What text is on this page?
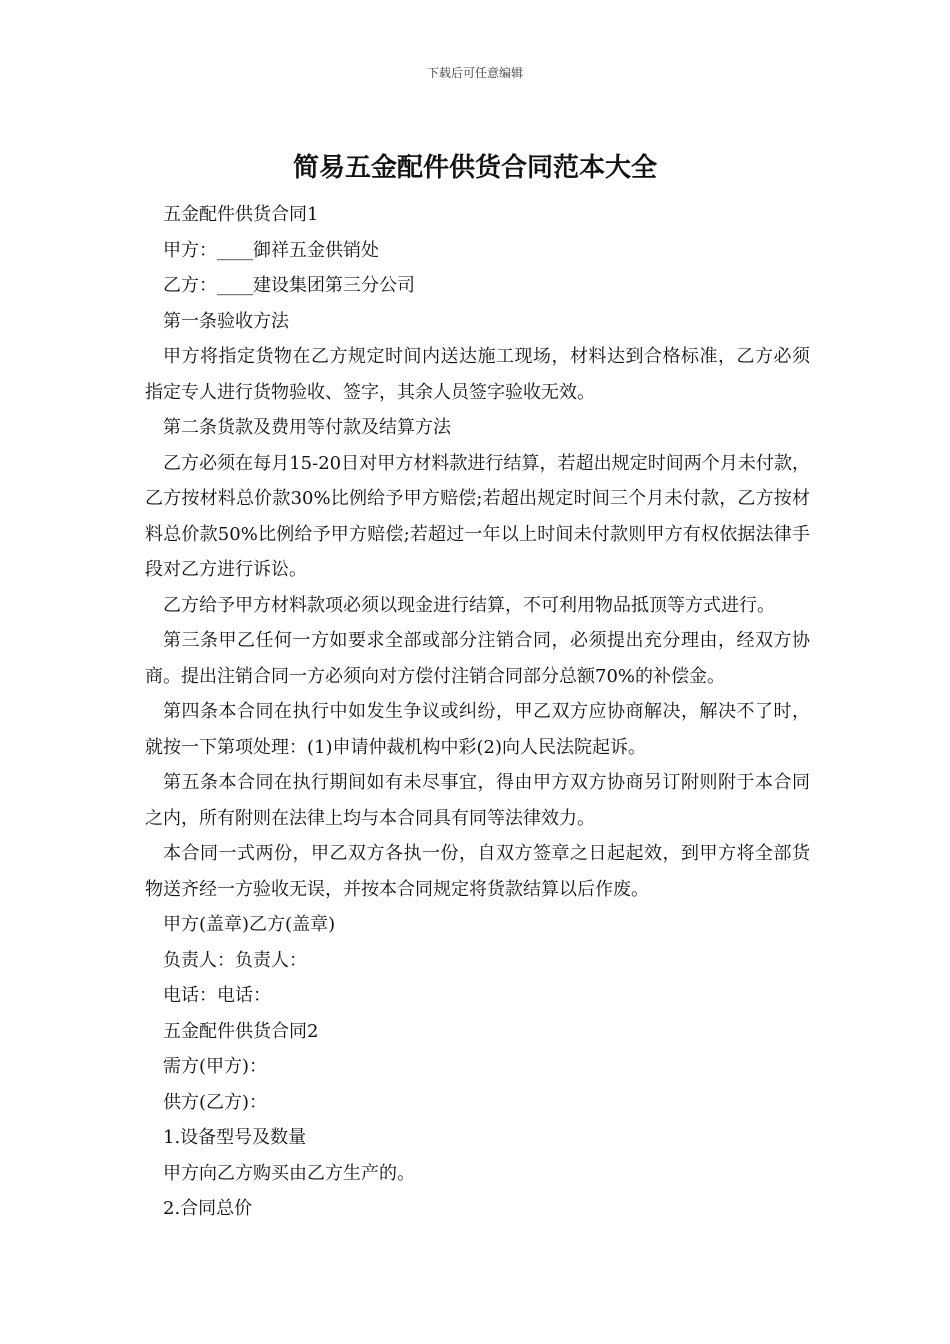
下载后可任意编辑
简易五金配件供货合同范本大全

五金配件供货合同1

甲方：____御祥五金供销处

乙方：____建设集团第三分公司

第一条验收方法

甲方将指定货物在乙方规定时间内送达施工现场，材料达到合格标准，乙方必须指定专人进行货物验收、签字，其余人员签字验收无效。

第二条货款及费用等付款及结算方法

乙方必须在每月15-20日对甲方材料款进行结算，若超出规定时间两个月未付款，乙方按材料总价款30%比例给予甲方赔偿;若超出规定时间三个月未付款，乙方按材料总价款50%比例给予甲方赔偿;若超过一年以上时间未付款则甲方有权依据法律手段对乙方进行诉讼。

乙方给予甲方材料款项必须以现金进行结算，不可利用物品抵顶等方式进行。

第三条甲乙任何一方如要求全部或部分注销合同，必须提出充分理由，经双方协商。提出注销合同一方必须向对方偿付注销合同部分总额70%的补偿金。

第四条本合同在执行中如发生争议或纠纷，甲乙双方应协商解决，解决不了时，就按一下第项处理：(1)申请仲裁机构中彩(2)向人民法院起诉。

第五条本合同在执行期间如有未尽事宜，得由甲方双方协商另订附则附于本合同之内，所有附则在法律上均与本合同具有同等法律效力。

本合同一式两份，甲乙双方各执一份，自双方签章之日起起效，到甲方将全部货物送齐经一方验收无误，并按本合同规定将货款结算以后作废。

甲方(盖章)乙方(盖章)

负责人：负责人：

电话：电话：

五金配件供货合同2

需方(甲方)：

供方(乙方)：

1.设备型号及数量

甲方向乙方购买由乙方生产的。

2.合同总价
